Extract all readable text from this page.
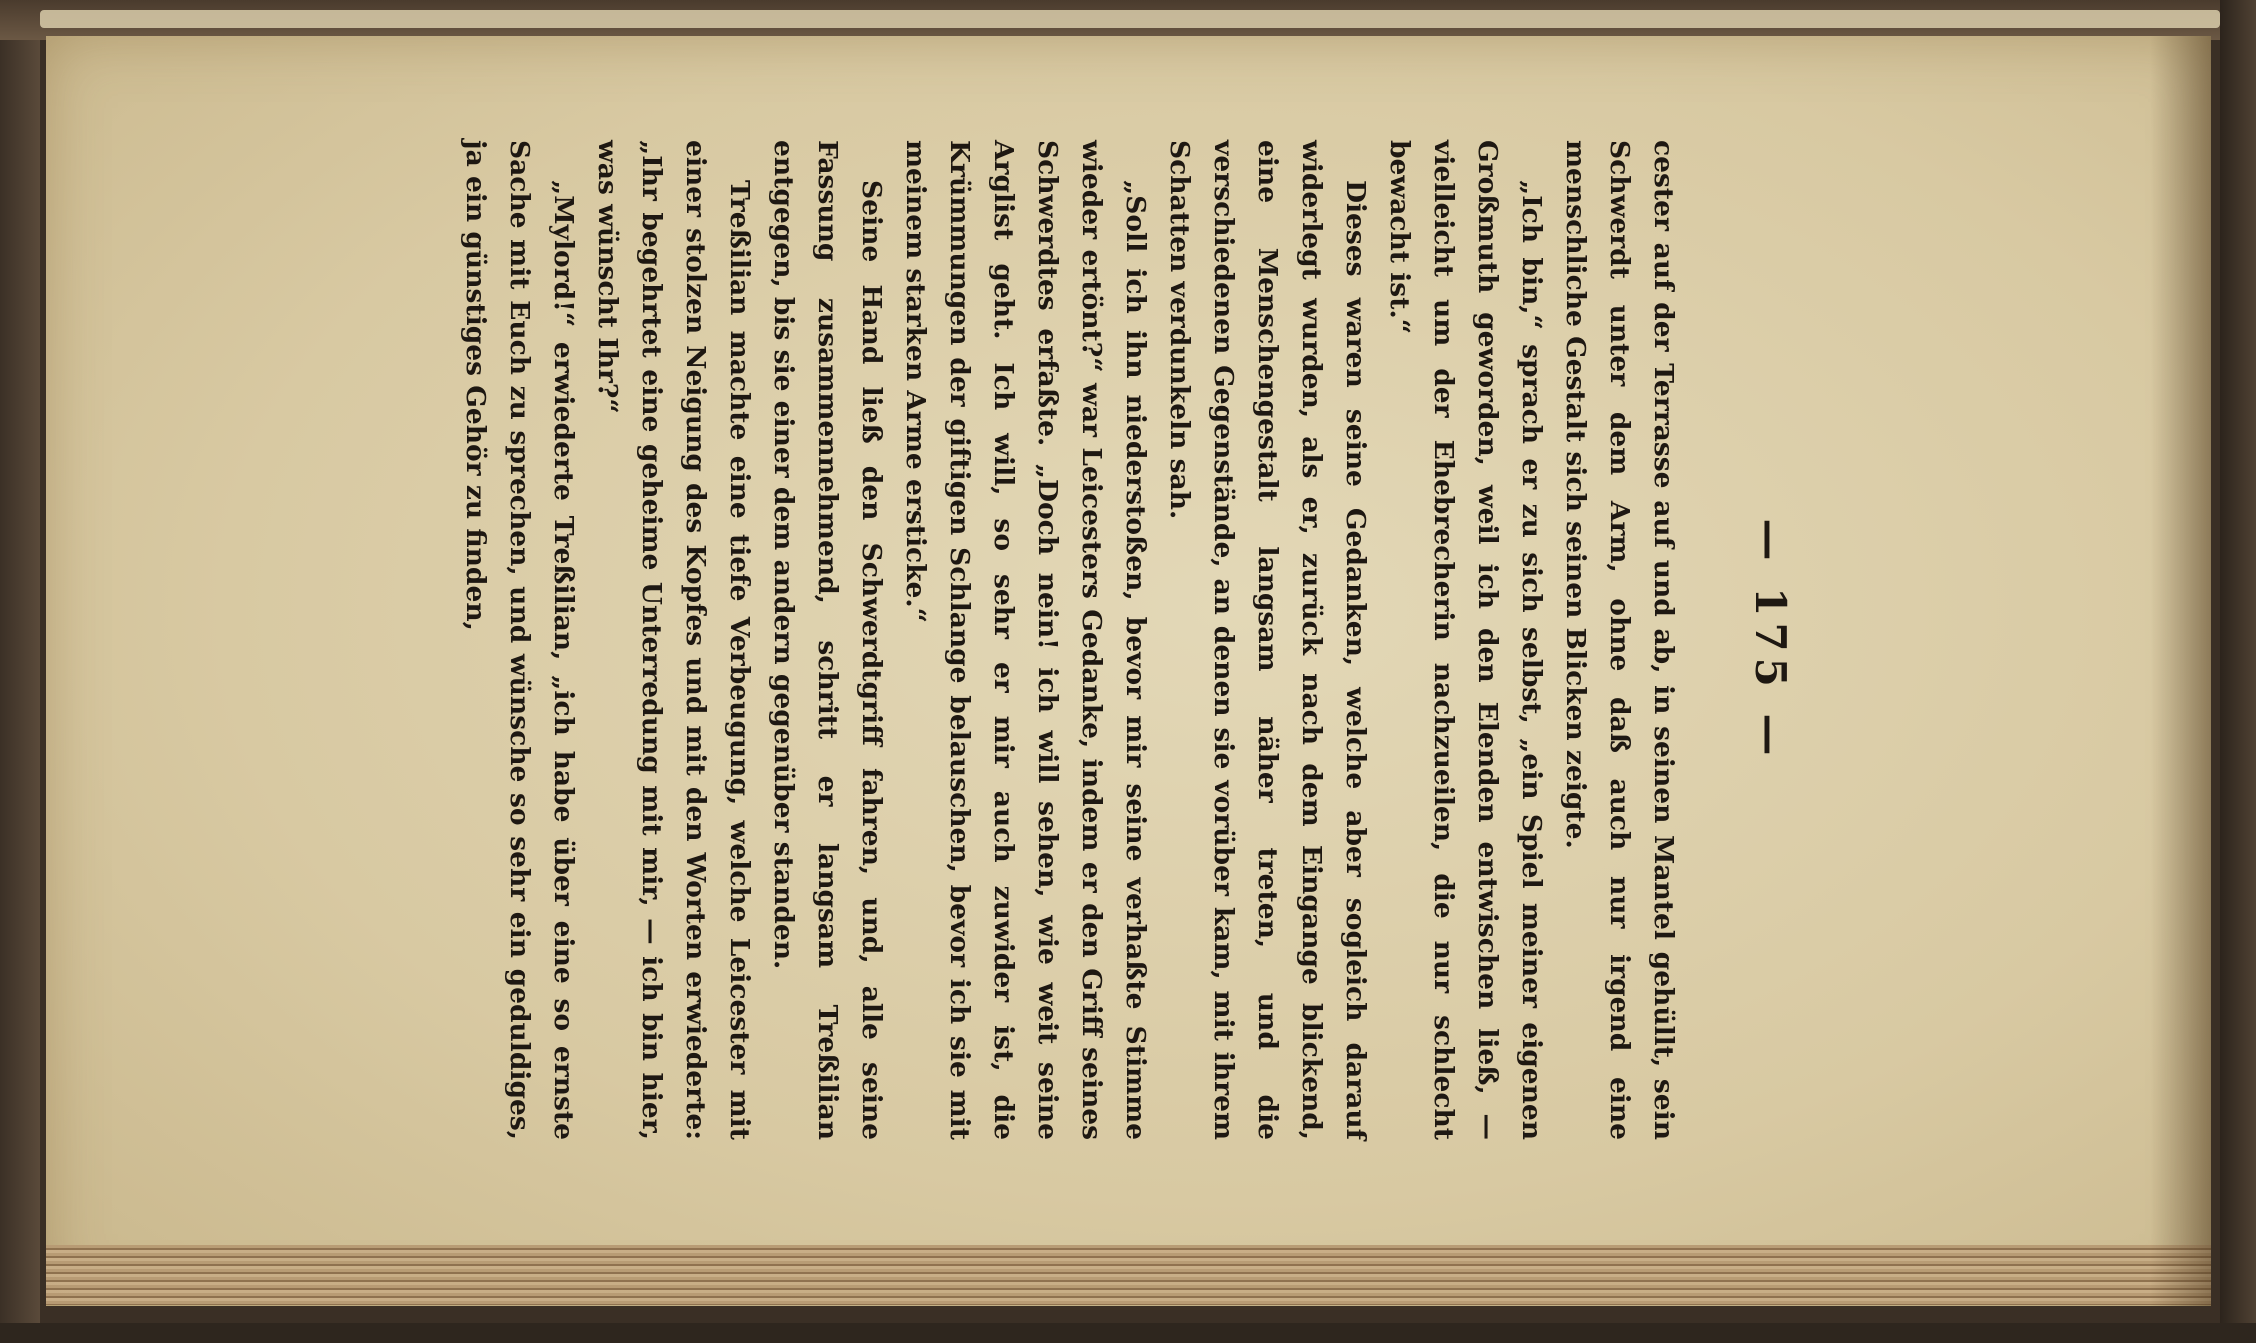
— 175 —

cester auf der Terrasse auf und ab, in seinen Mantel gehüllt, sein Schwerdt unter dem Arm, ohne daß auch nur irgend eine menschliche Gestalt sich seinen Blicken zeigte.

„Ich bin,“ sprach er zu sich selbst, „ein Spiel meiner eigenen Großmuth geworden, weil ich den Elenden entwischen ließ, — vielleicht um der Ehebrecherin nachzueilen, die nur schlecht bewacht ist.“

Dieses waren seine Gedanken, welche aber sogleich darauf widerlegt wurden, als er, zurück nach dem Eingange blickend, eine Menschengestalt langsam näher treten, und die verschiedenen Gegenstände, an denen sie vorüber kam, mit ihrem Schatten verdunkeln sah.

„Soll ich ihn niederstoßen, bevor mir seine verhaßte Stimme wieder ertönt?“ war Leicesters Gedanke, indem er den Griff seines Schwerdtes erfaßte. „Doch nein! ich will sehen, wie weit seine Arglist geht. Ich will, so sehr er mir auch zuwider ist, die Krümmungen der giftigen Schlange belauschen, bevor ich sie mit meinem starken Arme ersticke.“

Seine Hand ließ den Schwerdtgriff fahren, und, alle seine Fassung zusammennehmend, schritt er langsam Treßilian entgegen, bis sie einer dem andern gegenüber standen.

Treßilian machte eine tiefe Verbeugung, welche Leicester mit einer stolzen Neigung des Kopfes und mit den Worten erwiederte: „Ihr begehrtet eine geheime Unterredung mit mir, — ich bin hier, was wünscht Ihr?“

„Mylord!“ erwiederte Treßilian, „ich habe über eine so ernste Sache mit Euch zu sprechen, und wünsche so sehr ein geduldiges, ja ein günstiges Gehör zu finden,
